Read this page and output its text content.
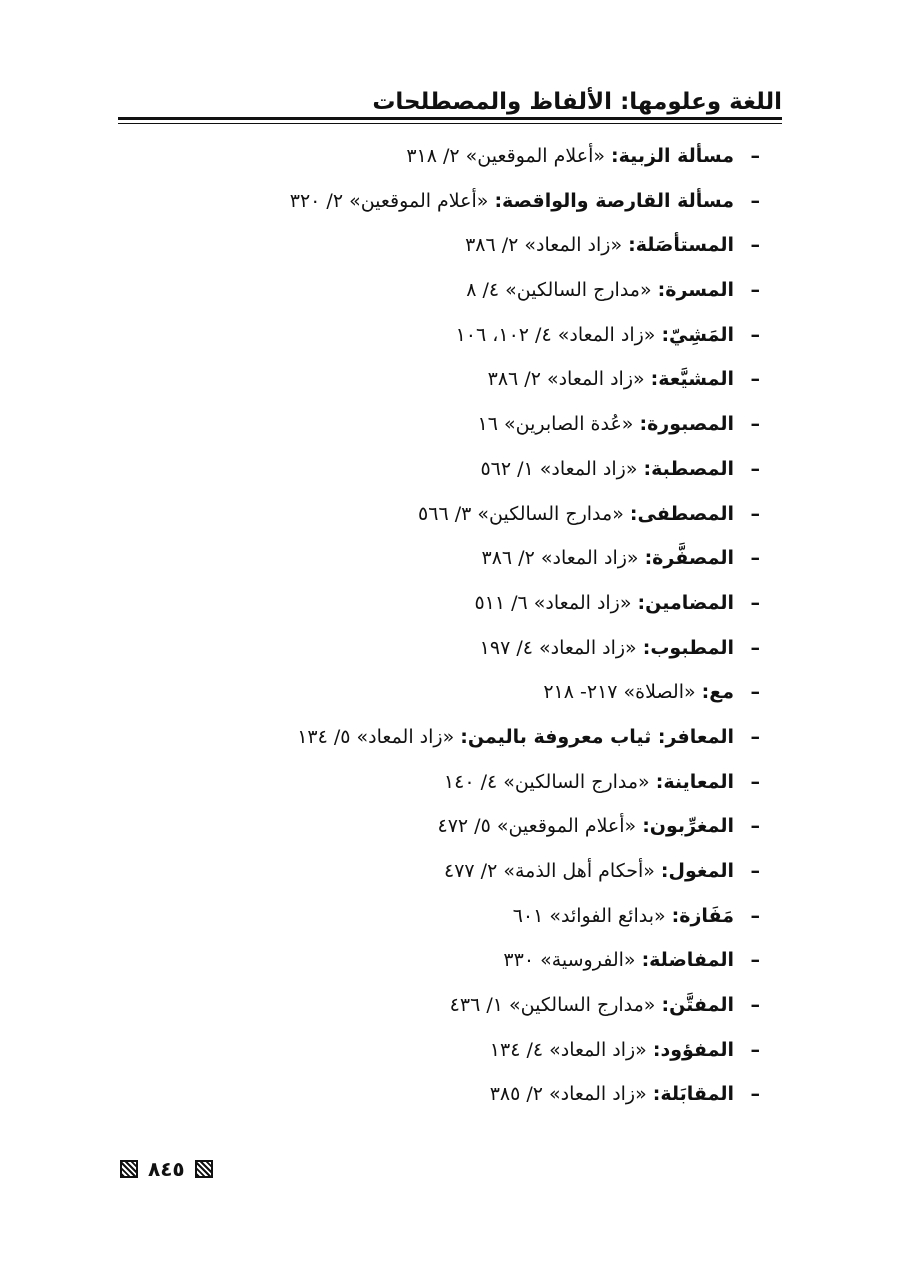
اللغة وعلومها: الألفاظ والمصطلحات
–مسألة الزبية: «أعلام الموقعين» ٢/ ٣١٨
–مسألة القارصة والواقصة: «أعلام الموقعين» ٢/ ٣٢٠
–المستأصَلة: «زاد المعاد» ٢/ ٣٨٦
–المسرة: «مدارج السالكين» ٤/ ٨
–المَشِيّ: «زاد المعاد» ٤/ ١٠٢، ١٠٦
–المشيَّعة: «زاد المعاد» ٢/ ٣٨٦
–المصبورة: «عُدة الصابرين» ١٦
–المصطبة: «زاد المعاد» ١/ ٥٦٢
–المصطفى: «مدارج السالكين» ٣/ ٥٦٦
–المصفَّرة: «زاد المعاد» ٢/ ٣٨٦
–المضامين: «زاد المعاد» ٦/ ٥١١
–المطبوب: «زاد المعاد» ٤/ ١٩٧
–مع: «الصلاة» ٢١٧- ٢١٨
–المعافر: ثياب معروفة باليمن: «زاد المعاد» ٥/ ١٣٤
–المعاينة: «مدارج السالكين» ٤/ ١٤٠
–المغرِّبون: «أعلام الموقعين» ٥/ ٤٧٢
–المغول: «أحكام أهل الذمة» ٢/ ٤٧٧
–مَفَازة: «بدائع الفوائد» ٦٠١
–المفاضلة: «الفروسية» ٣٣٠
–المفتَّن: «مدارج السالكين» ١/ ٤٣٦
–المفؤود: «زاد المعاد» ٤/ ١٣٤
–المقابَلة: «زاد المعاد» ٢/ ٣٨٥
٨٤٥
